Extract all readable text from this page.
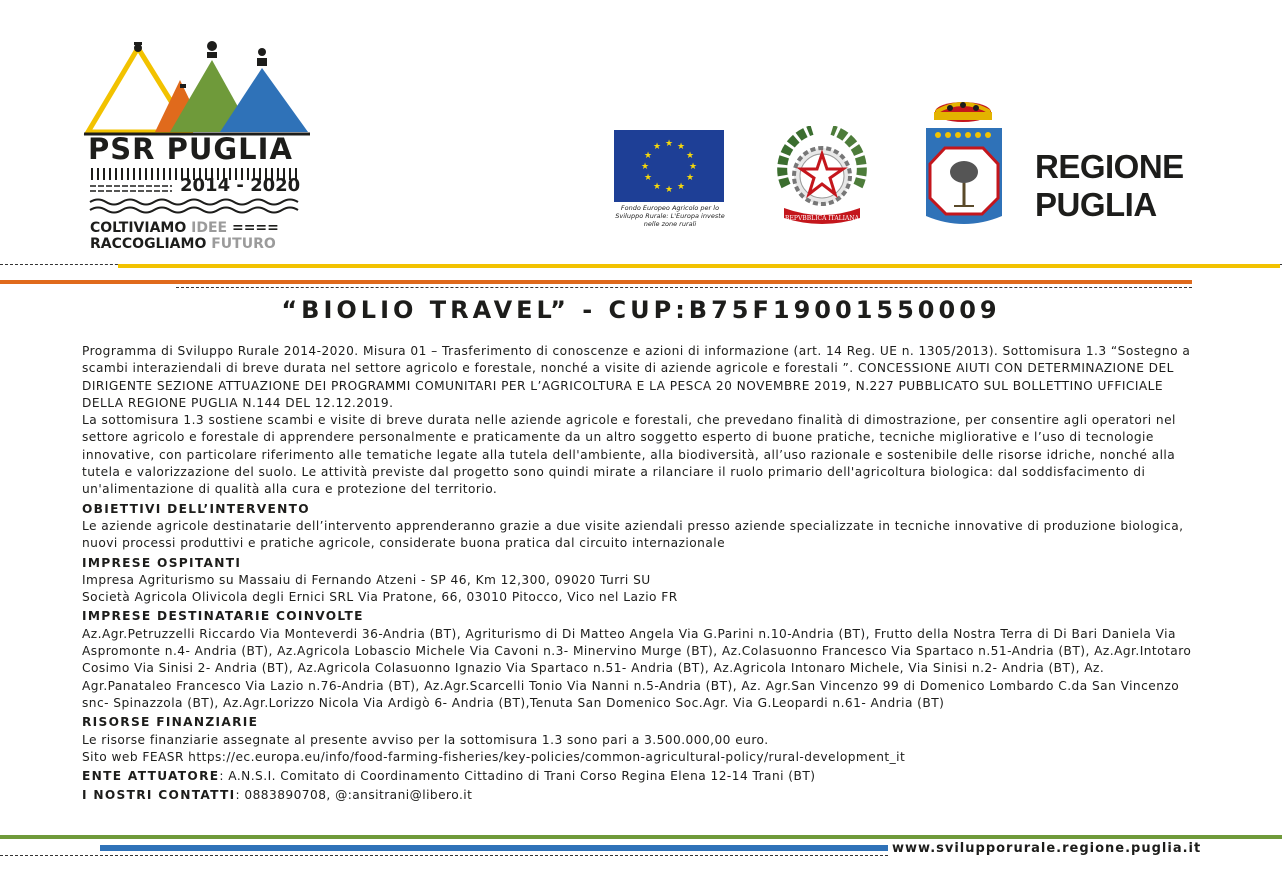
PSR PUGLIA
2014 - 2020
COLTIVIAMO IDEE ====
RACCOGLIAMO FUTURO
★ ★
★
★
★
★
★
★
★
★
★
★
Fondo Europeo Agricolo per lo Sviluppo Rurale: L'Europa investe nelle zone rurali
REPVBBLICA ITALIANA
REGIONE
PUGLIA
“BIOLIO TRAVEL” - CUP:B75F19001550009

Programma di Sviluppo Rurale 2014-2020. Misura 01 – Trasferimento di conoscenze e azioni di informazione (art. 14 Reg. UE n. 1305/2013). Sottomisura 1.3 “Sostegno a scambi interaziendali di breve durata nel settore agricolo e forestale, nonché a visite di aziende agricole e forestali ”. CONCESSIONE AIUTI CON DETERMINAZIONE DEL DIRIGENTE SEZIONE ATTUAZIONE DEI PROGRAMMI COMUNITARI PER L’AGRICOLTURA E LA PESCA 20 NOVEMBRE 2019, N.227 PUBBLICATO SUL BOLLETTINO UFFICIALE DELLA REGIONE PUGLIA N.144 DEL 12.12.2019.

La sottomisura 1.3 sostiene scambi e visite di breve durata nelle aziende agricole e forestali, che prevedano finalità di dimostrazione, per consentire agli operatori nel settore agricolo e forestale di apprendere personalmente e praticamente da un altro soggetto esperto di buone pratiche, tecniche migliorative e l’uso di tecnologie innovative, con particolare riferimento alle tematiche legate alla tutela dell'ambiente, alla biodiversità, all’uso razionale e sostenibile delle risorse idriche, nonché alla tutela e valorizzazione del suolo. Le attività previste dal progetto sono quindi mirate a rilanciare il ruolo primario dell'agricoltura biologica: dal soddisfacimento di un'alimentazione di qualità alla cura e protezione del territorio.

OBIETTIVI DELL’INTERVENTO

Le aziende agricole destinatarie dell’intervento apprenderanno grazie a due visite aziendali presso aziende specializzate in tecniche innovative di produzione biologica, nuovi processi produttivi e pratiche agricole, considerate buona pratica dal circuito internazionale

IMPRESE OSPITANTI

Impresa Agriturismo su Massaiu di Fernando Atzeni - SP 46, Km 12,300, 09020 Turri SU

Società Agricola Olivicola degli Ernici SRL Via Pratone, 66, 03010 Pitocco, Vico nel Lazio FR

IMPRESE DESTINATARIE COINVOLTE

Az.Agr.Petruzzelli Riccardo Via Monteverdi 36-Andria (BT), Agriturismo di Di Matteo Angela Via G.Parini n.10-Andria (BT), Frutto della Nostra Terra di Di Bari Daniela Via Aspromonte n.4- Andria (BT), Az.Agricola Lobascio Michele Via Cavoni n.3- Minervino Murge (BT), Az.Colasuonno Francesco Via Spartaco n.51-Andria (BT), Az.Agr.Intotaro Cosimo Via Sinisi 2- Andria (BT), Az.Agricola Colasuonno Ignazio Via Spartaco n.51- Andria (BT), Az.Agricola Intonaro Michele, Via Sinisi n.2- Andria (BT), Az. Agr.Panataleo Francesco Via Lazio n.76-Andria (BT), Az.Agr.Scarcelli Tonio Via Nanni n.5-Andria (BT), Az. Agr.San Vincenzo 99 di Domenico Lombardo C.da San Vincenzo snc- Spinazzola (BT), Az.Agr.Lorizzo Nicola Via Ardigò 6- Andria (BT),Tenuta San Domenico Soc.Agr. Via G.Leopardi n.61- Andria (BT)

RISORSE FINANZIARIE

Le risorse finanziarie assegnate al presente avviso per la sottomisura 1.3 sono pari a 3.500.000,00 euro.

Sito web FEASR https://ec.europa.eu/info/food-farming-fisheries/key-policies/common-agricultural-policy/rural-development_it

ENTE ATTUATORE: A.N.S.I. Comitato di Coordinamento Cittadino di Trani Corso Regina Elena 12-14 Trani (BT)

I NOSTRI CONTATTI: 0883890708, @:ansitrani@libero.it

www.svilupporurale.regione.puglia.it
